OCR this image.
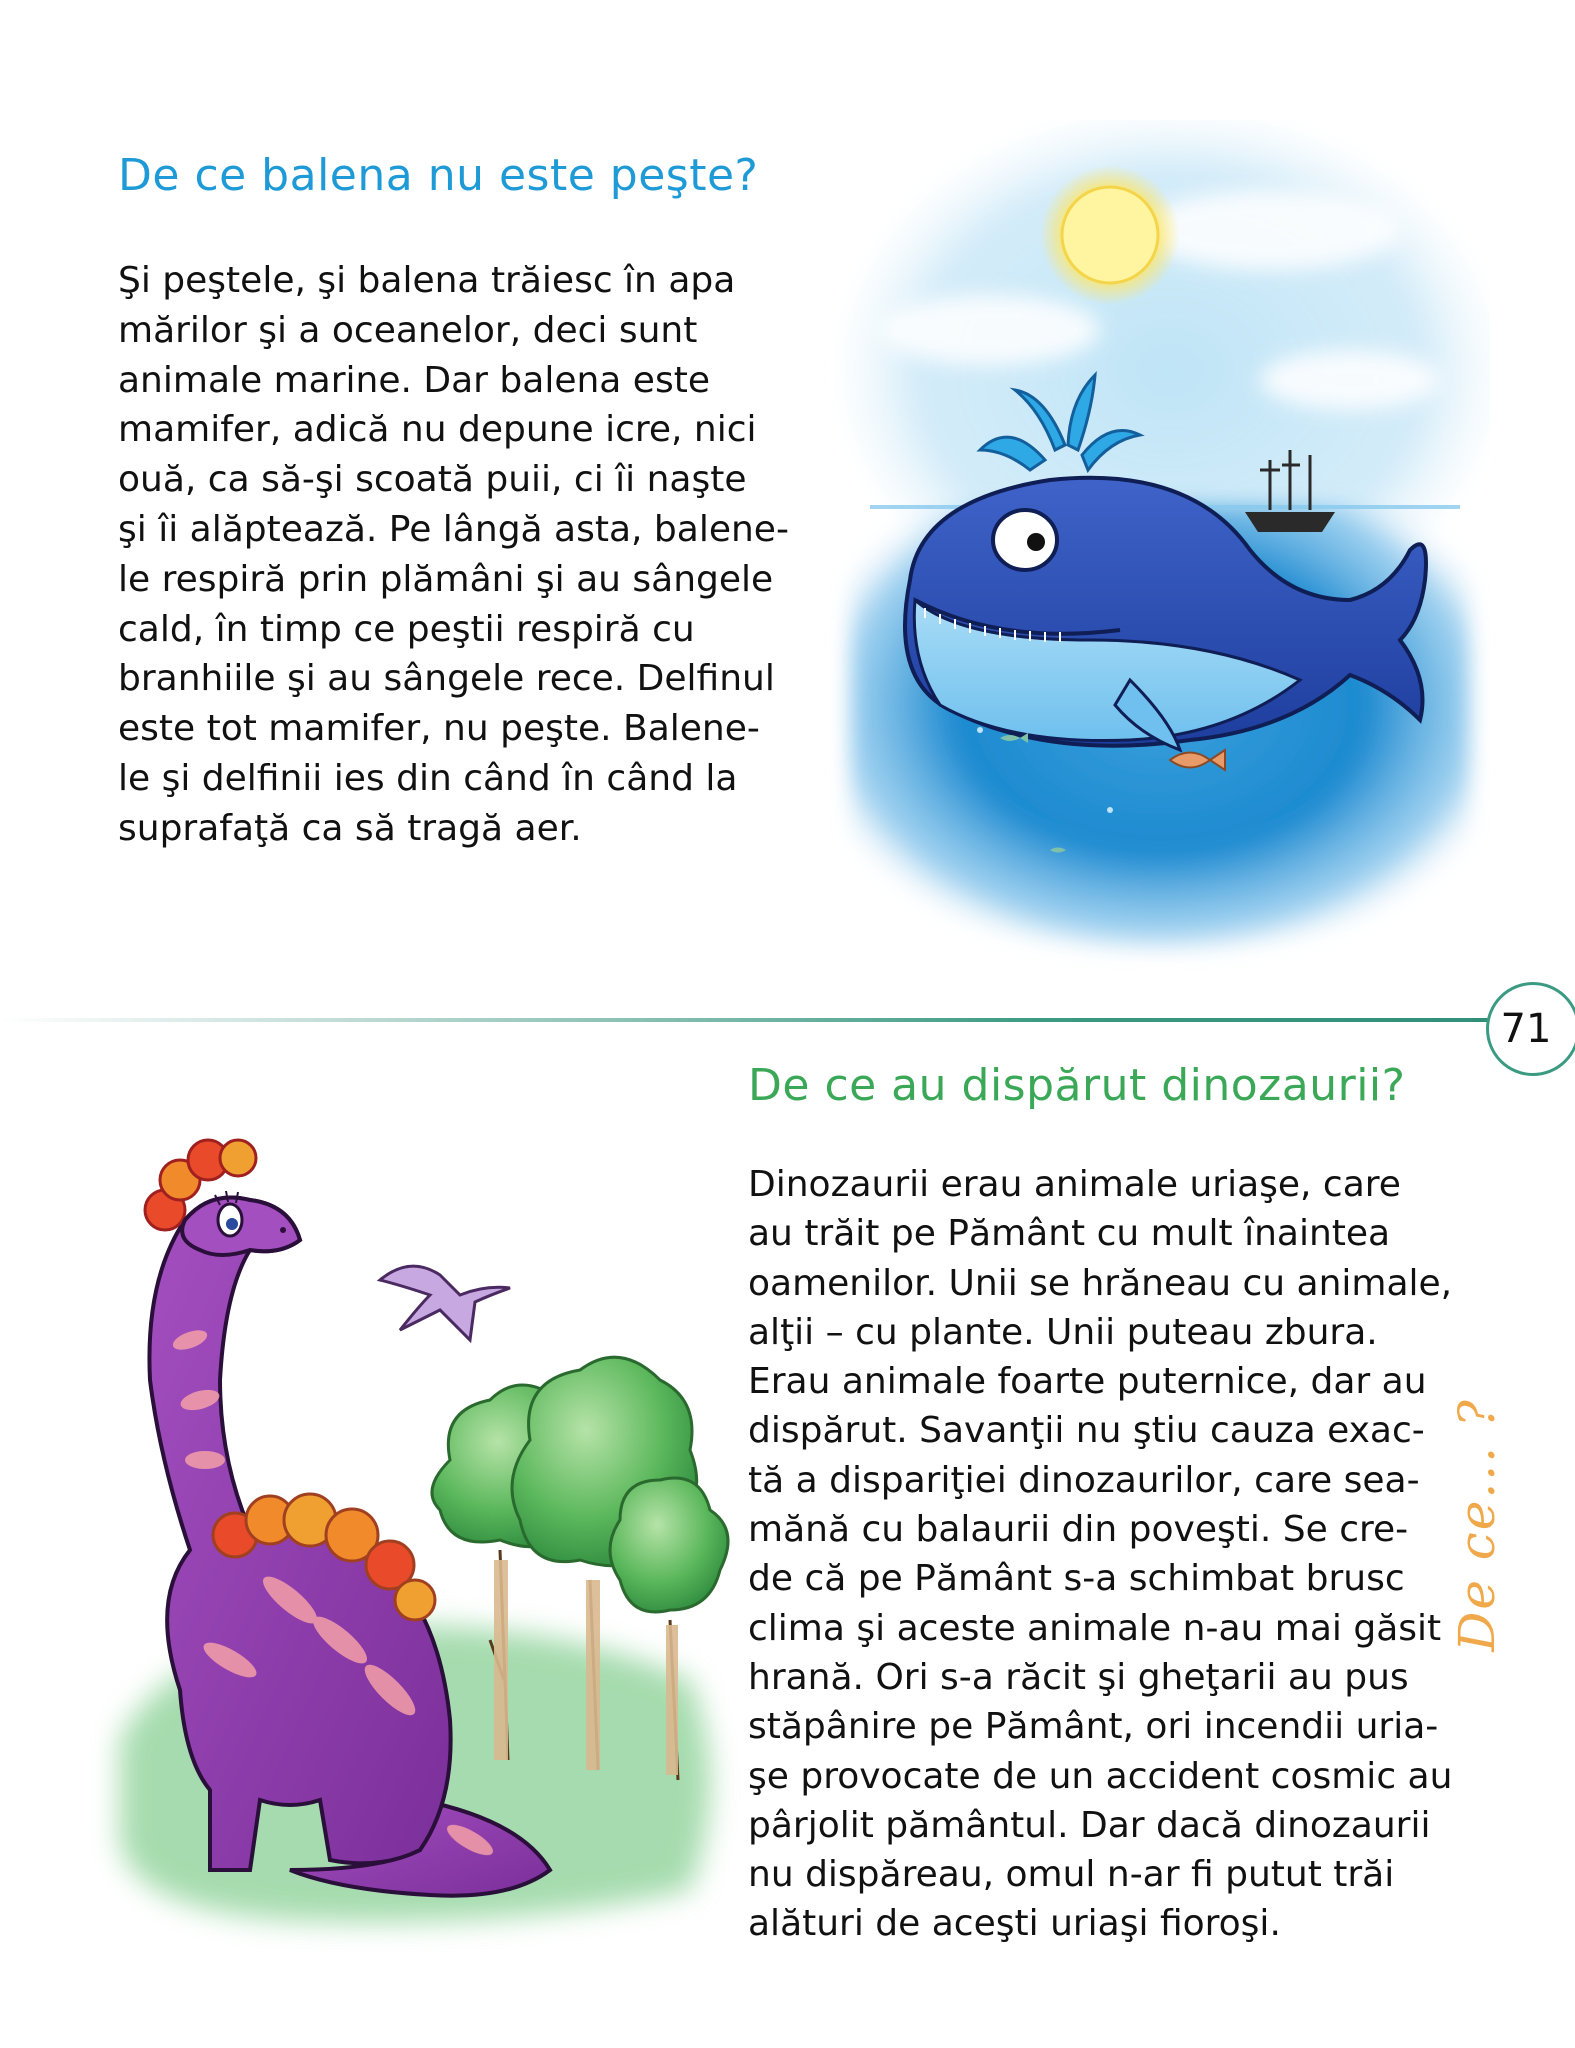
De ce balena nu este peşte?
Şi peştele, şi balena trăiesc în apa
mărilor şi a oceanelor, deci sunt
animale marine. Dar balena este
mamifer, adică nu depune icre, nici
ouă, ca să-şi scoată puii, ci îi naşte
şi îi alăptează. Pe lângă asta, balene-
le respiră prin plămâni şi au sângele
cald, în timp ce peştii respiră cu
branhiile şi au sângele rece. Delfinul
este tot mamifer, nu peşte. Balene-
le şi delfinii ies din când în când la
suprafaţă ca să tragă aer.
71
De ce au dispărut dinozaurii?
Dinozaurii erau animale uriaşe, care
au trăit pe Pământ cu mult înaintea
oamenilor. Unii se hrăneau cu animale,
alţii – cu plante. Unii puteau zbura.
Erau animale foarte puternice, dar au
dispărut. Savanţii nu ştiu cauza exac-
tă a dispariţiei dinozaurilor, care sea-
mănă cu balaurii din poveşti. Se cre-
de că pe Pământ s-a schimbat brusc
clima şi aceste animale n-au mai găsit
hrană. Ori s-a răcit şi gheţarii au pus
stăpânire pe Pământ, ori incendii uria-
şe provocate de un accident cosmic au
pârjolit pământul. Dar dacă dinozaurii
nu dispăreau, omul n-ar fi putut trăi
alături de aceşti uriaşi fioroşi.
De ce... ?
